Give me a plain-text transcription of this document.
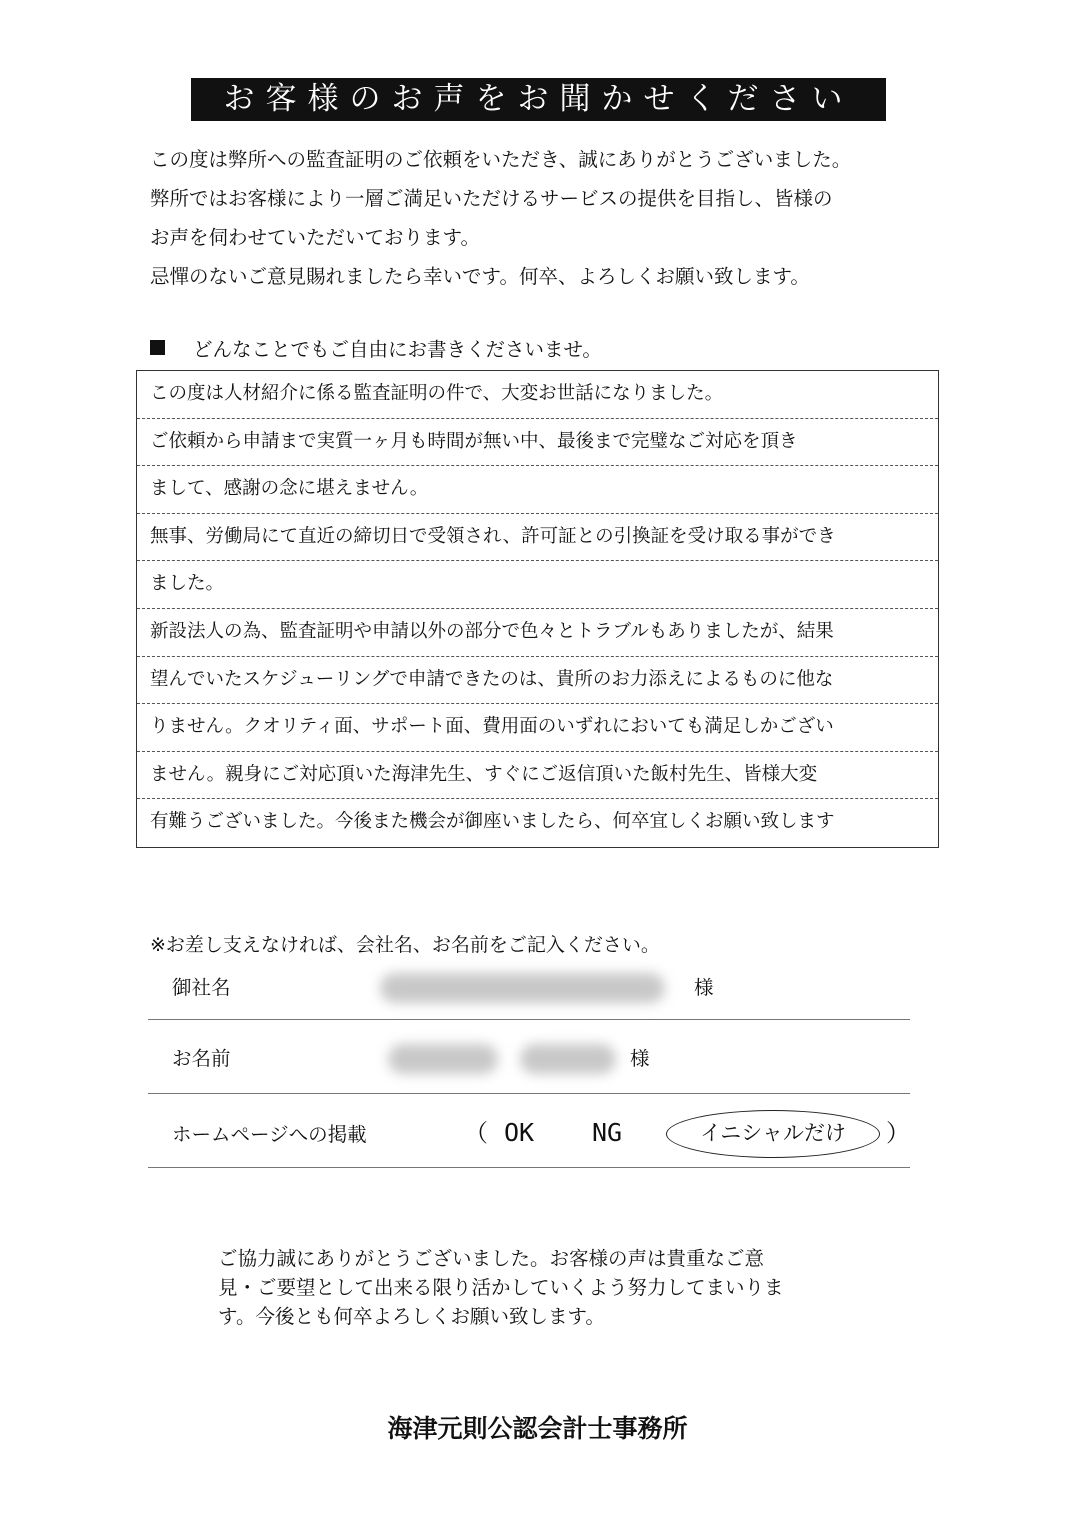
お客様のお声をお聞かせください
この度は弊所への監査証明のご依頼をいただき、誠にありがとうございました。
弊所ではお客様により一層ご満足いただけるサービスの提供を目指し、皆様の
お声を伺わせていただいております。
忌憚のないご意見賜れましたら幸いです。何卒、よろしくお願い致します。
どんなことでもご自由にお書きくださいませ。
この度は人材紹介に係る監査証明の件で、大変お世話になりました。
ご依頼から申請まで実質一ヶ月も時間が無い中、最後まで完璧なご対応を頂き
まして、感謝の念に堪えません。
無事、労働局にて直近の締切日で受領され、許可証との引換証を受け取る事ができ
ました。
新設法人の為、監査証明や申請以外の部分で色々とトラブルもありましたが、結果
望んでいたスケジューリングで申請できたのは、貴所のお力添えによるものに他な
りません。クオリティ面、サポート面、費用面のいずれにおいても満足しかござい
ません。親身にご対応頂いた海津先生、すぐにご返信頂いた飯村先生、皆様大変
有難うございました。今後また機会が御座いましたら、何卒宜しくお願い致します
※お差し支えなければ、会社名、お名前をご記入ください。
御社名	様
お名前	様
ホームページへの掲載	（ OK NG	イニシャルだけ	）
ご協力誠にありがとうございました。お客様の声は貴重なご意
見・ご要望として出来る限り活かしていくよう努力してまいりま
す。今後とも何卒よろしくお願い致します。
海津元則公認会計士事務所
